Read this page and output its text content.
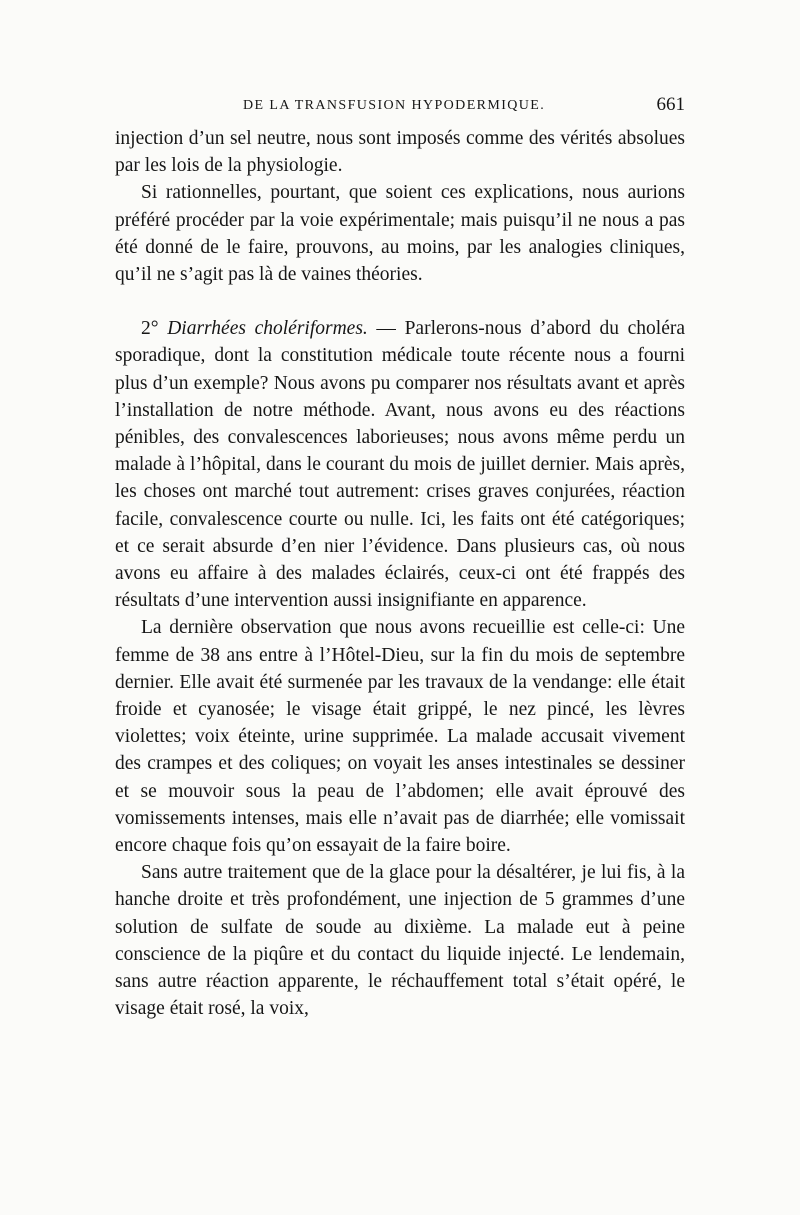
DE LA TRANSFUSION HYPODERMIQUE.	661

injection d’un sel neutre, nous sont imposés comme des vérités absolues par les lois de la physiologie.

Si rationnelles, pourtant, que soient ces explications, nous aurions préféré procéder par la voie expérimentale; mais puisqu’il ne nous a pas été donné de le faire, prouvons, au moins, par les analogies cliniques, qu’il ne s’agit pas là de vaines théories.

2° Diarrhées cholériformes. — Parlerons-nous d’abord du choléra sporadique, dont la constitution médicale toute récente nous a fourni plus d’un exemple? Nous avons pu comparer nos résultats avant et après l’installation de notre méthode. Avant, nous avons eu des réactions pénibles, des convalescences laborieuses; nous avons même perdu un malade à l’hôpital, dans le courant du mois de juillet dernier. Mais après, les choses ont marché tout autrement: crises graves conjurées, réaction facile, convalescence courte ou nulle. Ici, les faits ont été catégoriques; et ce serait absurde d’en nier l’évidence. Dans plusieurs cas, où nous avons eu affaire à des malades éclairés, ceux-ci ont été frappés des résultats d’une intervention aussi insignifiante en apparence.

La dernière observation que nous avons recueillie est celle-ci: Une femme de 38 ans entre à l’Hôtel-Dieu, sur la fin du mois de septembre dernier. Elle avait été surmenée par les travaux de la vendange: elle était froide et cyanosée; le visage était grippé, le nez pincé, les lèvres violettes; voix éteinte, urine supprimée. La malade accusait vivement des crampes et des coliques; on voyait les anses intestinales se dessiner et se mouvoir sous la peau de l’abdomen; elle avait éprouvé des vomissements intenses, mais elle n’avait pas de diarrhée; elle vomissait encore chaque fois qu’on essayait de la faire boire.

Sans autre traitement que de la glace pour la désaltérer, je lui fis, à la hanche droite et très profondément, une injection de 5 grammes d’une solution de sulfate de soude au dixième. La malade eut à peine conscience de la piqûre et du contact du liquide injecté. Le lendemain, sans autre réaction apparente, le réchauffement total s’était opéré, le visage était rosé, la voix,
